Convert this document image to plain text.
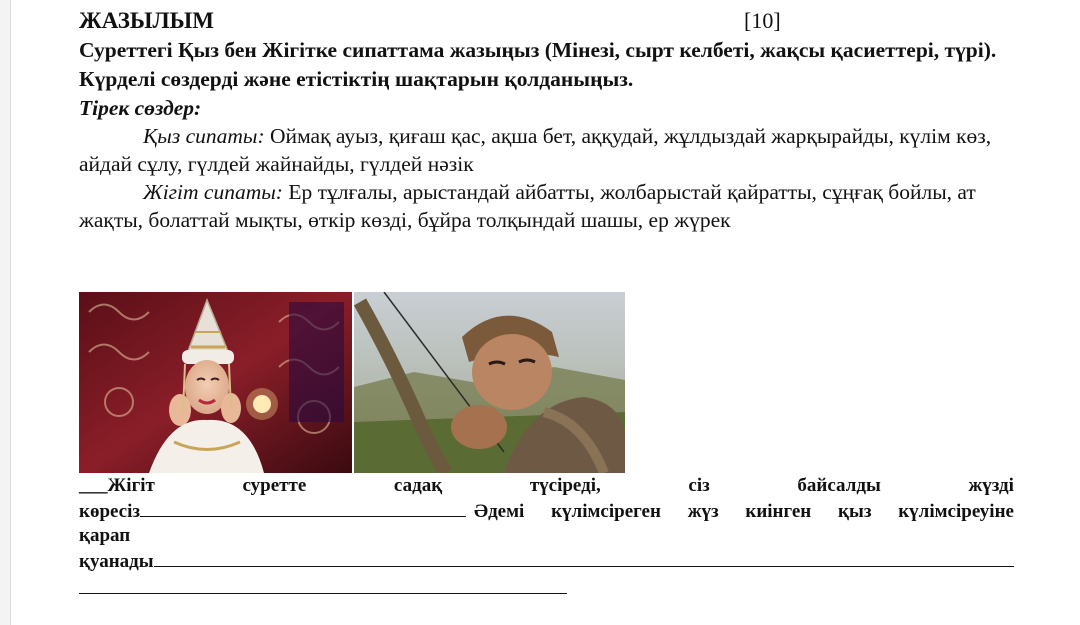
ЖАЗЫЛЫМ	[10]

Суреттегі Қыз бен Жігітке сипаттама жазыңыз (Мінезі, сырт келбеті, жақсы қасиеттері, түрі). Күрделі сөздерді және етістіктің шақтарын қолданыңыз.

Тірек сөздер:

Қыз сипаты: Оймақ ауыз, қиғаш қас, ақша бет, аққудай, жұлдыздай жарқырайды, күлім көз, айдай сұлу, гүлдей жайнайды, гүлдей нәзік

Жігіт сипаты: Ер тұлғалы, арыстандай айбатты, жолбарыстай қайратты, сұңғақ бойлы, ат жақты, болаттай мықты, өткір көзді, бұйра толқындай шашы, ер жүрек

___Жігіт	суретте	садақ	түсіреді,	сіз	байсалды	жүзді
көресіз	Әдемі күлімсіреген жүз киінген қыз күлімсіреуіне
қарап
қуанады
